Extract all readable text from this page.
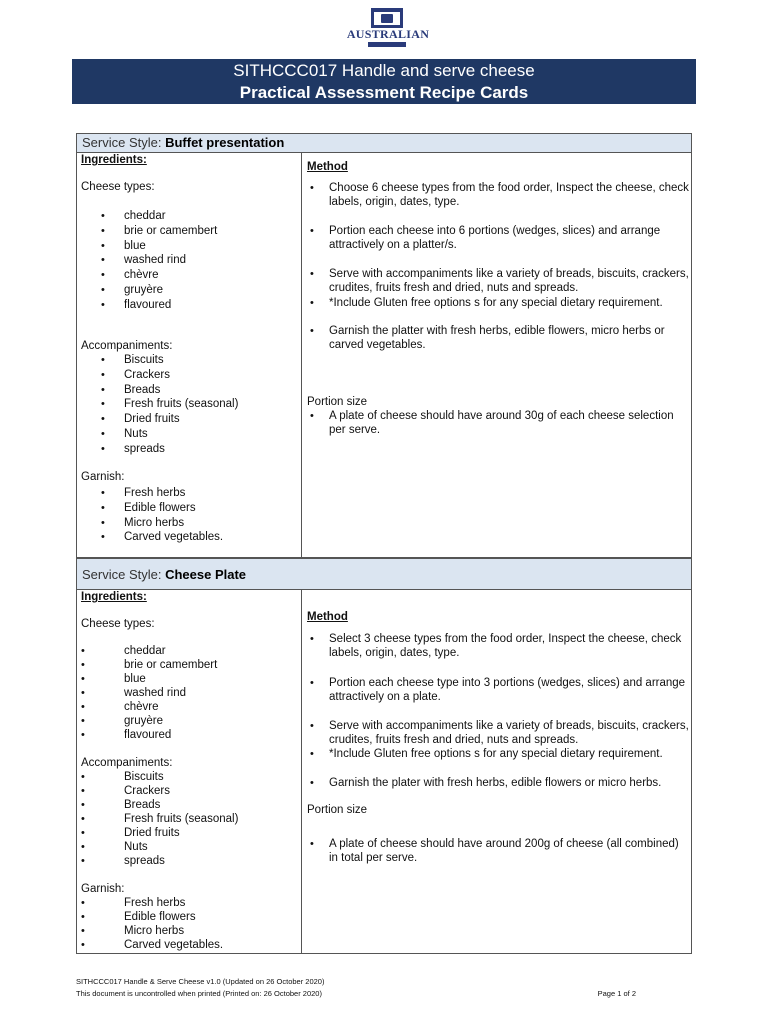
AUSTRALIAN
SITHCCC017 Handle and serve cheese
Practical Assessment Recipe Cards
Service Style: Buffet presentation
Ingredients:
Cheese types:
• cheddar
• brie or camembert
• blue
• washed rind
• chèvre
• gruyère
• flavoured
Accompaniments:
• Biscuits
• Crackers
• Breads
• Fresh fruits (seasonal)
• Dried fruits
• Nuts
• spreads
Garnish:
• Fresh herbs
• Edible flowers
• Micro herbs
• Carved vegetables.
Method
• Choose 6 cheese types from the food order, Inspect the cheese, check labels, origin, dates, type.
• Portion each cheese into 6 portions (wedges, slices) and arrange attractively on a platter/s.
• Serve with accompaniments like a variety of breads, biscuits, crackers, crudites, fruits fresh and dried, nuts and spreads.
• *Include Gluten free options s for any special dietary requirement.
• Garnish the platter with fresh herbs, edible flowers, micro herbs or carved vegetables.
Portion size
• A plate of cheese should have around 30g of each cheese selection per serve.
Service Style: Cheese Plate
Ingredients:
Cheese types:
•	cheddar
•	brie or camembert
•	blue
•	washed rind
•	chèvre
•	gruyère
•	flavoured
Accompaniments:
•	Biscuits
•	Crackers
•	Breads
•	Fresh fruits (seasonal)
•	Dried fruits
•	Nuts
•	spreads
Garnish:
•	Fresh herbs
•	Edible flowers
•	Micro herbs
•	Carved vegetables.
Method
• Select 3 cheese types from the food order, Inspect the cheese, check labels, origin, dates, type.
• Portion each cheese type into 3 portions (wedges, slices) and arrange attractively on a plate.
• Serve with accompaniments like a variety of breads, biscuits, crackers, crudites, fruits fresh and dried, nuts and spreads.
• *Include Gluten free options s for any special dietary requirement.
• Garnish the plater with fresh herbs, edible flowers or micro herbs.
Portion size
• A plate of cheese should have around 200g of cheese (all combined) in total per serve.
SITHCCC017 Handle & Serve Cheese v1.0 (Updated on 26 October 2020)
This document is uncontrolled when printed (Printed on: 26 October 2020)	Page 1 of 2
